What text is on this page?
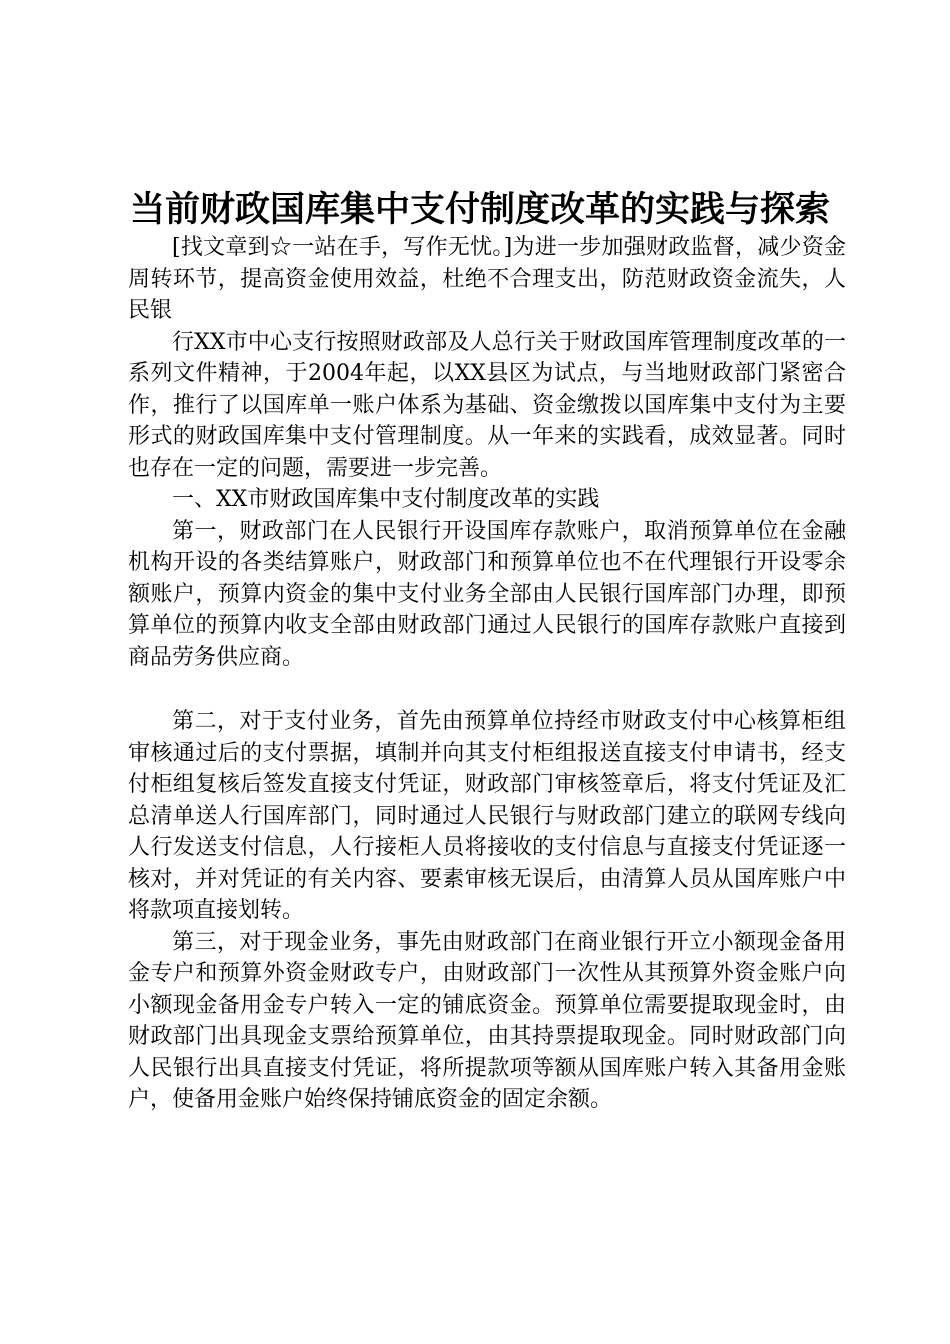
当前财政国库集中支付制度改革的实践与探索

[找文章到☆一站在手，写作无忧。]为进一步加强财政监督，减少资金周转环节，提高资金使用效益，杜绝不合理支出，防范财政资金流失，人民银

行XX市中心支行按照财政部及人总行关于财政国库管理制度改革的一系列文件精神，于2004年起，以XX县区为试点，与当地财政部门紧密合作，推行了以国库单一账户体系为基础、资金缴拨以国库集中支付为主要形式的财政国库集中支付管理制度。从一年来的实践看，成效显著。同时也存在一定的问题，需要进一步完善。

一、XX市财政国库集中支付制度改革的实践

第一，财政部门在人民银行开设国库存款账户，取消预算单位在金融机构开设的各类结算账户，财政部门和预算单位也不在代理银行开设零余额账户，预算内资金的集中支付业务全部由人民银行国库部门办理，即预算单位的预算内收支全部由财政部门通过人民银行的国库存款账户直接到商品劳务供应商。

第二，对于支付业务，首先由预算单位持经市财政支付中心核算柜组审核通过后的支付票据，填制并向其支付柜组报送直接支付申请书，经支付柜组复核后签发直接支付凭证，财政部门审核签章后，将支付凭证及汇总清单送人行国库部门，同时通过人民银行与财政部门建立的联网专线向人行发送支付信息，人行接柜人员将接收的支付信息与直接支付凭证逐一核对，并对凭证的有关内容、要素审核无误后，由清算人员从国库账户中将款项直接划转。

第三，对于现金业务，事先由财政部门在商业银行开立小额现金备用金专户和预算外资金财政专户，由财政部门一次性从其预算外资金账户向小额现金备用金专户转入一定的铺底资金。预算单位需要提取现金时，由财政部门出具现金支票给预算单位，由其持票提取现金。同时财政部门向人民银行出具直接支付凭证，将所提款项等额从国库账户转入其备用金账户，使备用金账户始终保持铺底资金的固定余额。
